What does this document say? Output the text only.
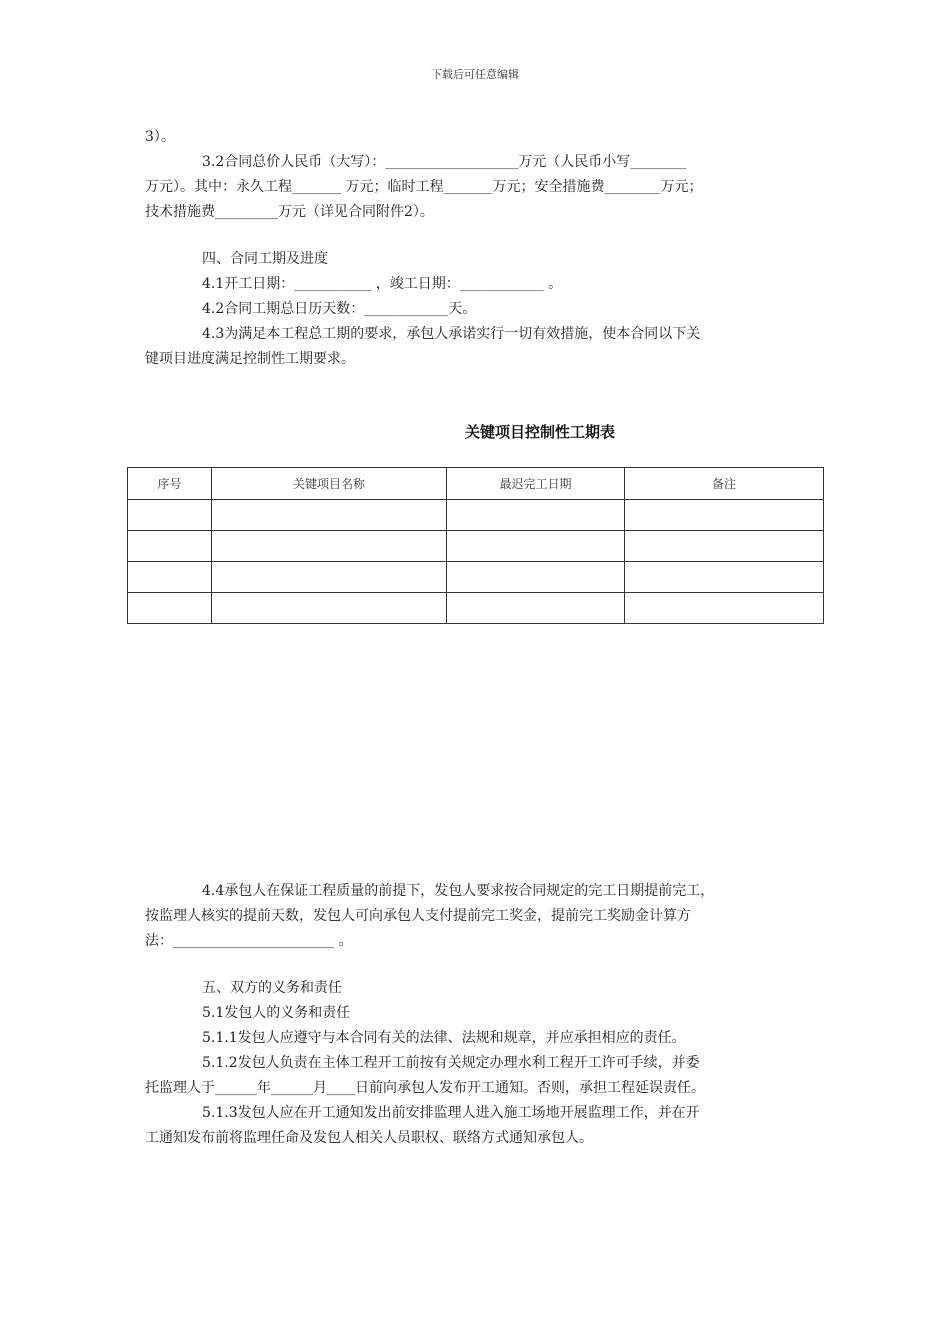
下载后可任意编辑
3）。
3.2合同总价人民币（大写）：___________________万元（人民币小写________
万元）。其中：永久工程_______ 万元；临时工程_______万元；安全措施费________万元；
技术措施费_________万元（详见合同附件2）。
四、合同工期及进度
4.1开工日期：___________ ，竣工日期：____________ 。
4.2合同工期总日历天数：____________天。
4.3为满足本工程总工期的要求，承包人承诺实行一切有效措施，使本合同以下关
键项目进度满足控制性工期要求。
关键项目控制性工期表
序号	关键项目名称	最迟完工日期	备注

4.4承包人在保证工程质量的前提下，发包人要求按合同规定的完工日期提前完工，
按监理人核实的提前天数，发包人可向承包人支付提前完工奖金，提前完工奖励金计算方
法：_______________________ 。
五、双方的义务和责任
5.1发包人的义务和责任
5.1.1发包人应遵守与本合同有关的法律、法规和规章，并应承担相应的责任。
5.1.2发包人负责在主体工程开工前按有关规定办理水利工程开工许可手续，并委
托监理人于______年______月____日前向承包人发布开工通知。否则，承担工程延误责任。
5.1.3发包人应在开工通知发出前安排监理人进入施工场地开展监理工作，并在开
工通知发布前将监理任命及发包人相关人员职权、联络方式通知承包人。
